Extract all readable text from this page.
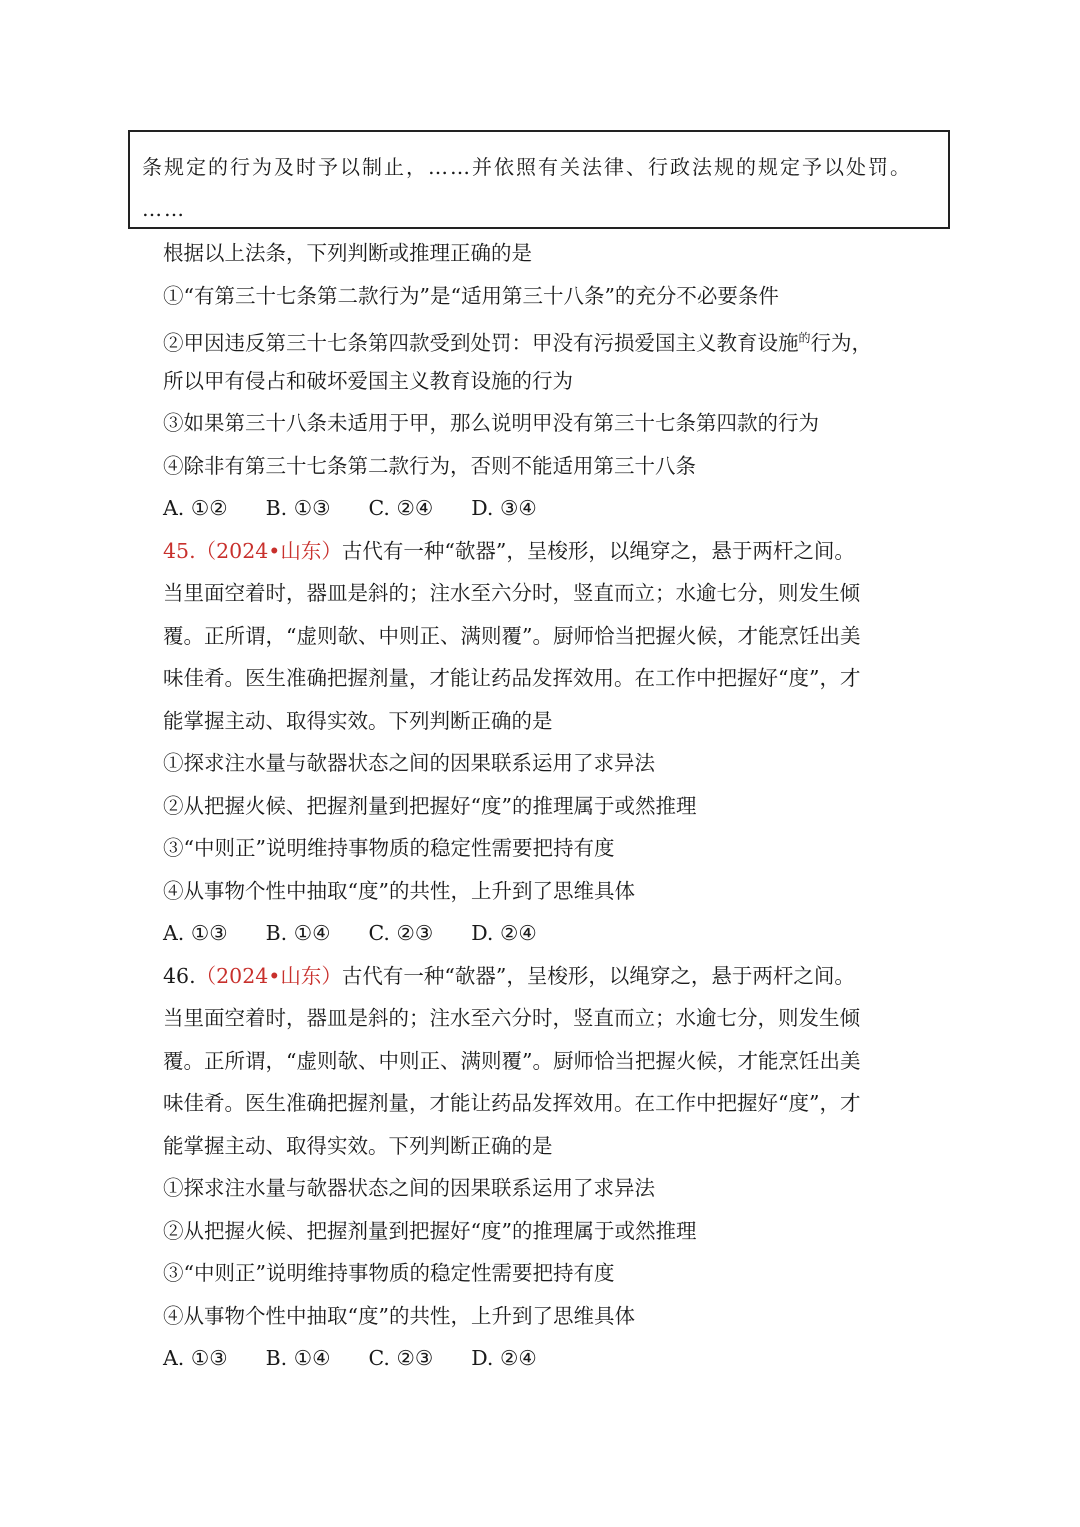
条规定的行为及时予以制止，……并依照有关法律、行政法规的规定予以处罚。
……
根据以上法条，下列判断或推理正确的是
①“有第三十七条第二款行为”是“适用第三十八条”的充分不必要条件
②甲因违反第三十七条第四款受到处罚：甲没有污损爱国主义教育设施$^的$行为，
所以甲有侵占和破坏爱国主义教育设施的行为
③如果第三十八条未适用于甲，那么说明甲没有第三十七条第四款的行为
④除非有第三十七条第二款行为，否则不能适用第三十八条
A. ①② B. ①③ C. ②④ D. ③④
45.（2024•山东）古代有一种“欹器”，呈梭形，以绳穿之，悬于两杆之间。
当里面空着时，器皿是斜的；注水至六分时，竖直而立；水逾七分，则发生倾
覆。正所谓，“虚则欹、中则正、满则覆”。厨师恰当把握火候，才能烹饪出美
味佳肴。医生准确把握剂量，才能让药品发挥效用。在工作中把握好“度”，才
能掌握主动、取得实效。下列判断正确的是
①探求注水量与欹器状态之间的因果联系运用了求异法
②从把握火候、把握剂量到把握好“度”的推理属于或然推理
③“中则正”说明维持事物质的稳定性需要把持有度
④从事物个性中抽取“度”的共性，上升到了思维具体
A. ①③ B. ①④ C. ②③ D. ②④
46.（2024•山东）古代有一种“欹器”，呈梭形，以绳穿之，悬于两杆之间。
当里面空着时，器皿是斜的；注水至六分时，竖直而立；水逾七分，则发生倾
覆。正所谓，“虚则欹、中则正、满则覆”。厨师恰当把握火候，才能烹饪出美
味佳肴。医生准确把握剂量，才能让药品发挥效用。在工作中把握好“度”，才
能掌握主动、取得实效。下列判断正确的是
①探求注水量与欹器状态之间的因果联系运用了求异法
②从把握火候、把握剂量到把握好“度”的推理属于或然推理
③“中则正”说明维持事物质的稳定性需要把持有度
④从事物个性中抽取“度”的共性，上升到了思维具体
A. ①③ B. ①④ C. ②③ D. ②④
